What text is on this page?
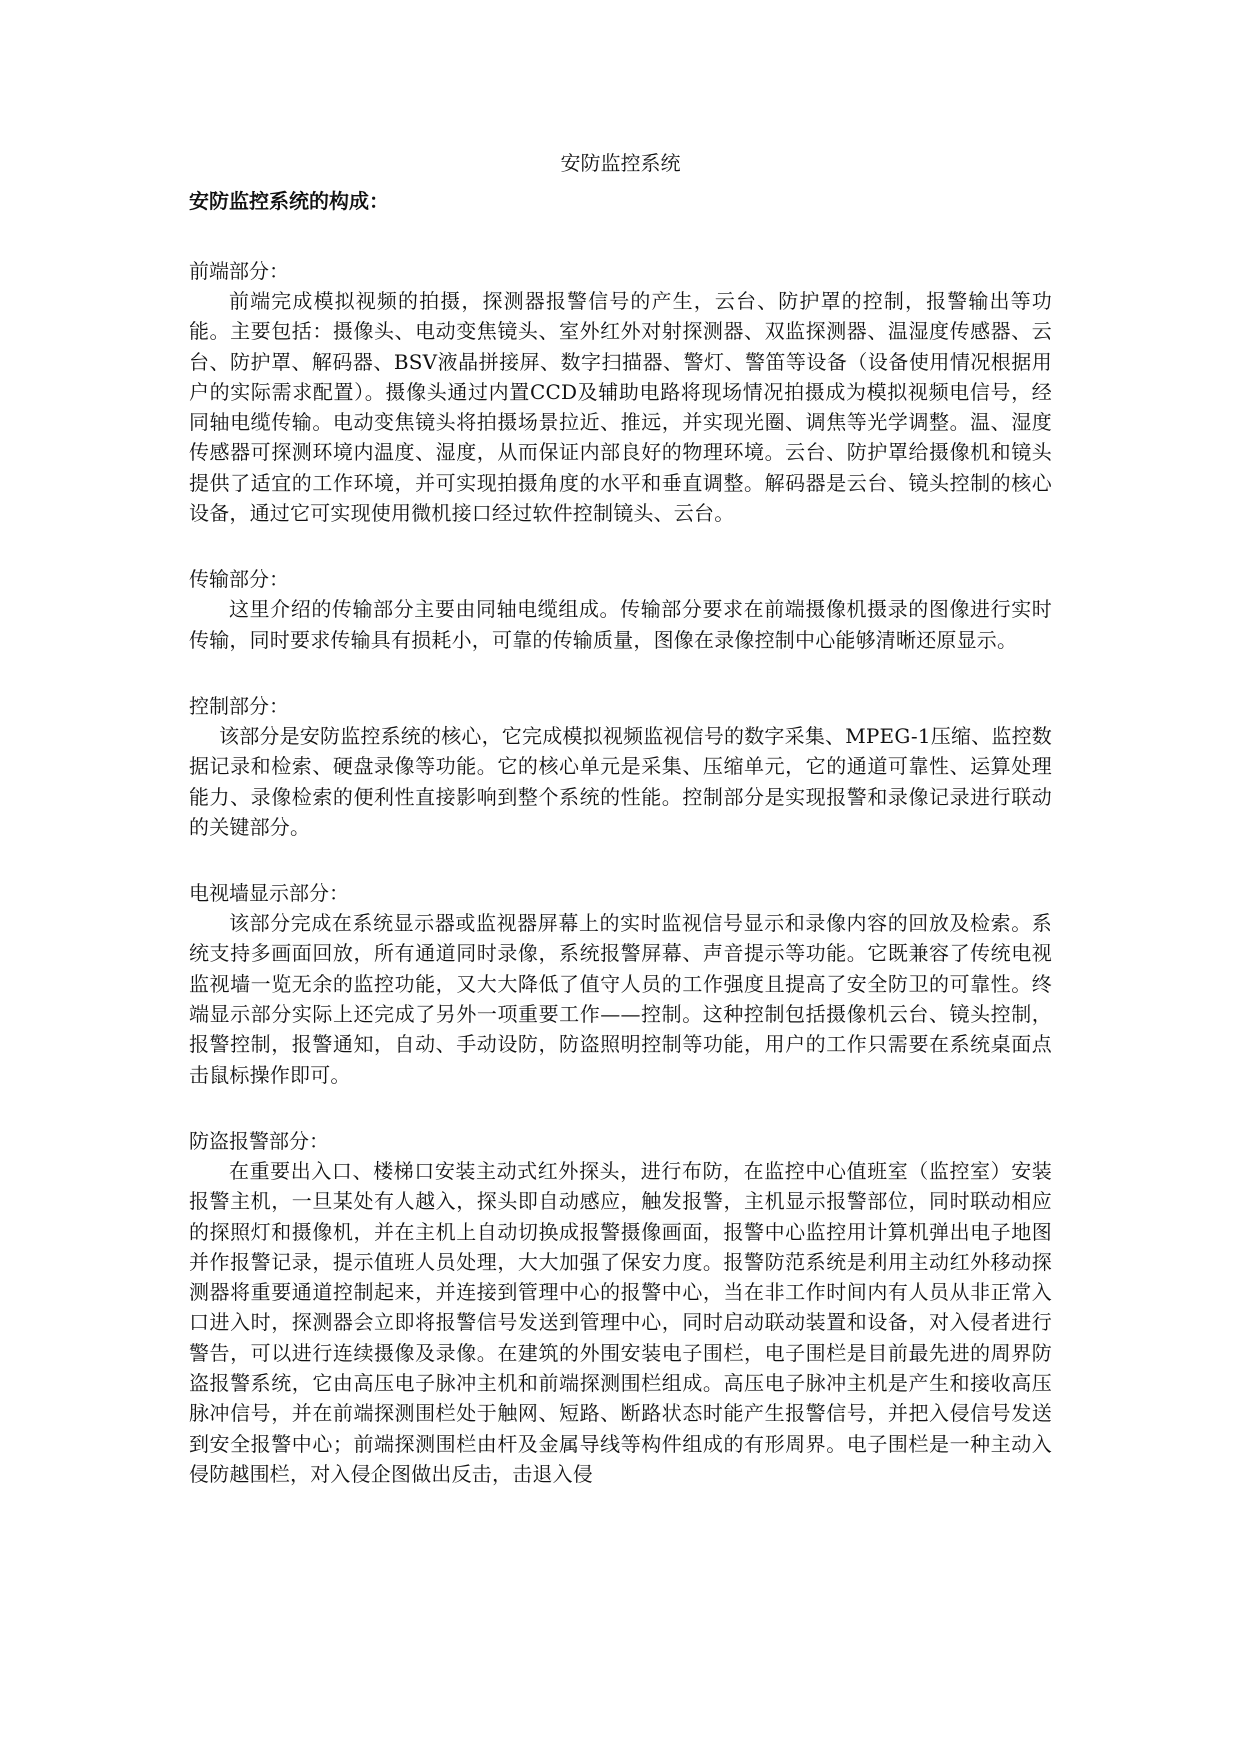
安防监控系统
安防监控系统的构成：

前端部分：

前端完成模拟视频的拍摄，探测器报警信号的产生，云台、防护罩的控制，报警输出等功能。主要包括：摄像头、电动变焦镜头、室外红外对射探测器、双监探测器、温湿度传感器、云台、防护罩、解码器、BSV液晶拼接屏、数字扫描器、警灯、警笛等设备（设备使用情况根据用户的实际需求配置）。摄像头通过内置CCD及辅助电路将现场情况拍摄成为模拟视频电信号，经同轴电缆传输。电动变焦镜头将拍摄场景拉近、推远，并实现光圈、调焦等光学调整。温、湿度传感器可探测环境内温度、湿度，从而保证内部良好的物理环境。云台、防护罩给摄像机和镜头提供了适宜的工作环境，并可实现拍摄角度的水平和垂直调整。解码器是云台、镜头控制的核心设备，通过它可实现使用微机接口经过软件控制镜头、云台。

传输部分：

这里介绍的传输部分主要由同轴电缆组成。传输部分要求在前端摄像机摄录的图像进行实时传输，同时要求传输具有损耗小，可靠的传输质量，图像在录像控制中心能够清晰还原显示。

控制部分：

该部分是安防监控系统的核心，它完成模拟视频监视信号的数字采集、MPEG-1压缩、监控数据记录和检索、硬盘录像等功能。它的核心单元是采集、压缩单元，它的通道可靠性、运算处理能力、录像检索的便利性直接影响到整个系统的性能。控制部分是实现报警和录像记录进行联动的关键部分。

电视墙显示部分：

该部分完成在系统显示器或监视器屏幕上的实时监视信号显示和录像内容的回放及检索。系统支持多画面回放，所有通道同时录像，系统报警屏幕、声音提示等功能。它既兼容了传统电视监视墙一览无余的监控功能，又大大降低了值守人员的工作强度且提高了安全防卫的可靠性。终端显示部分实际上还完成了另外一项重要工作——控制。这种控制包括摄像机云台、镜头控制，报警控制，报警通知，自动、手动设防，防盗照明控制等功能，用户的工作只需要在系统桌面点击鼠标操作即可。

防盗报警部分：

在重要出入口、楼梯口安装主动式红外探头，进行布防，在监控中心值班室（监控室）安装报警主机，一旦某处有人越入，探头即自动感应，触发报警，主机显示报警部位，同时联动相应的探照灯和摄像机，并在主机上自动切换成报警摄像画面，报警中心监控用计算机弹出电子地图并作报警记录，提示值班人员处理，大大加强了保安力度。报警防范系统是利用主动红外移动探测器将重要通道控制起来，并连接到管理中心的报警中心，当在非工作时间内有人员从非正常入口进入时，探测器会立即将报警信号发送到管理中心，同时启动联动装置和设备，对入侵者进行警告，可以进行连续摄像及录像。在建筑的外围安装电子围栏，电子围栏是目前最先进的周界防盗报警系统，它由高压电子脉冲主机和前端探测围栏组成。高压电子脉冲主机是产生和接收高压脉冲信号，并在前端探测围栏处于触网、短路、断路状态时能产生报警信号，并把入侵信号发送到安全报警中心；前端探测围栏由杆及金属导线等构件组成的有形周界。电子围栏是一种主动入侵防越围栏，对入侵企图做出反击，击退入侵
